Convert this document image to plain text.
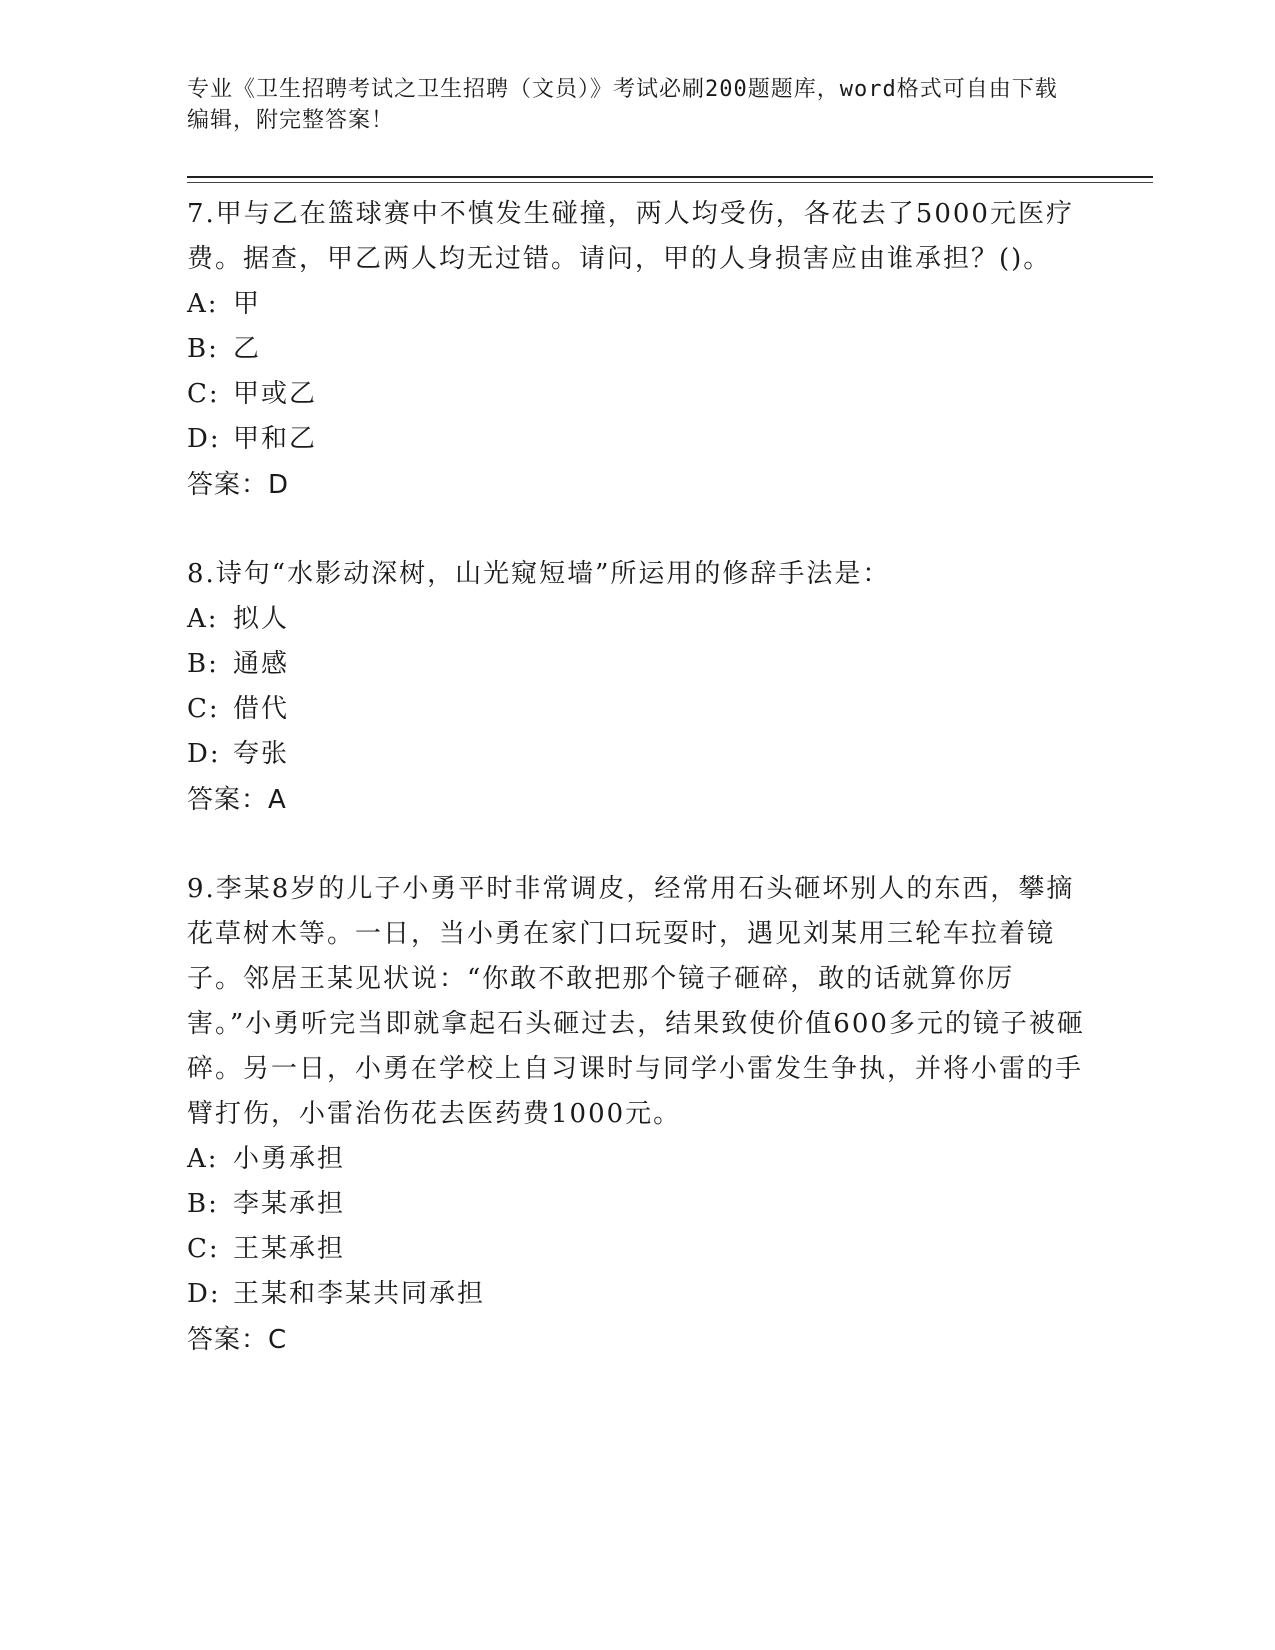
专业《卫生招聘考试之卫生招聘（文员）》考试必刷200题题库，word格式可自由下载编辑，附完整答案！
7.甲与乙在篮球赛中不慎发生碰撞，两人均受伤，各花去了5000元医疗费。据查，甲乙两人均无过错。请问，甲的人身损害应由谁承担？()。
A: 甲
B: 乙
C: 甲或乙
D: 甲和乙
答案：D
8.诗句“水影动深树，山光窥短墙”所运用的修辞手法是：
A: 拟人
B: 通感
C: 借代
D: 夸张
答案：A
9.李某8岁的儿子小勇平时非常调皮，经常用石头砸坏别人的东西，攀摘花草树木等。一日，当小勇在家门口玩耍时，遇见刘某用三轮车拉着镜子。邻居王某见状说：“你敢不敢把那个镜子砸碎，敢的话就算你厉害。”小勇听完当即就拿起石头砸过去，结果致使价值600多元的镜子被砸碎。另一日，小勇在学校上自习课时与同学小雷发生争执，并将小雷的手臂打伤，小雷治伤花去医药费1000元。
A: 小勇承担
B: 李某承担
C: 王某承担
D: 王某和李某共同承担
答案：C
